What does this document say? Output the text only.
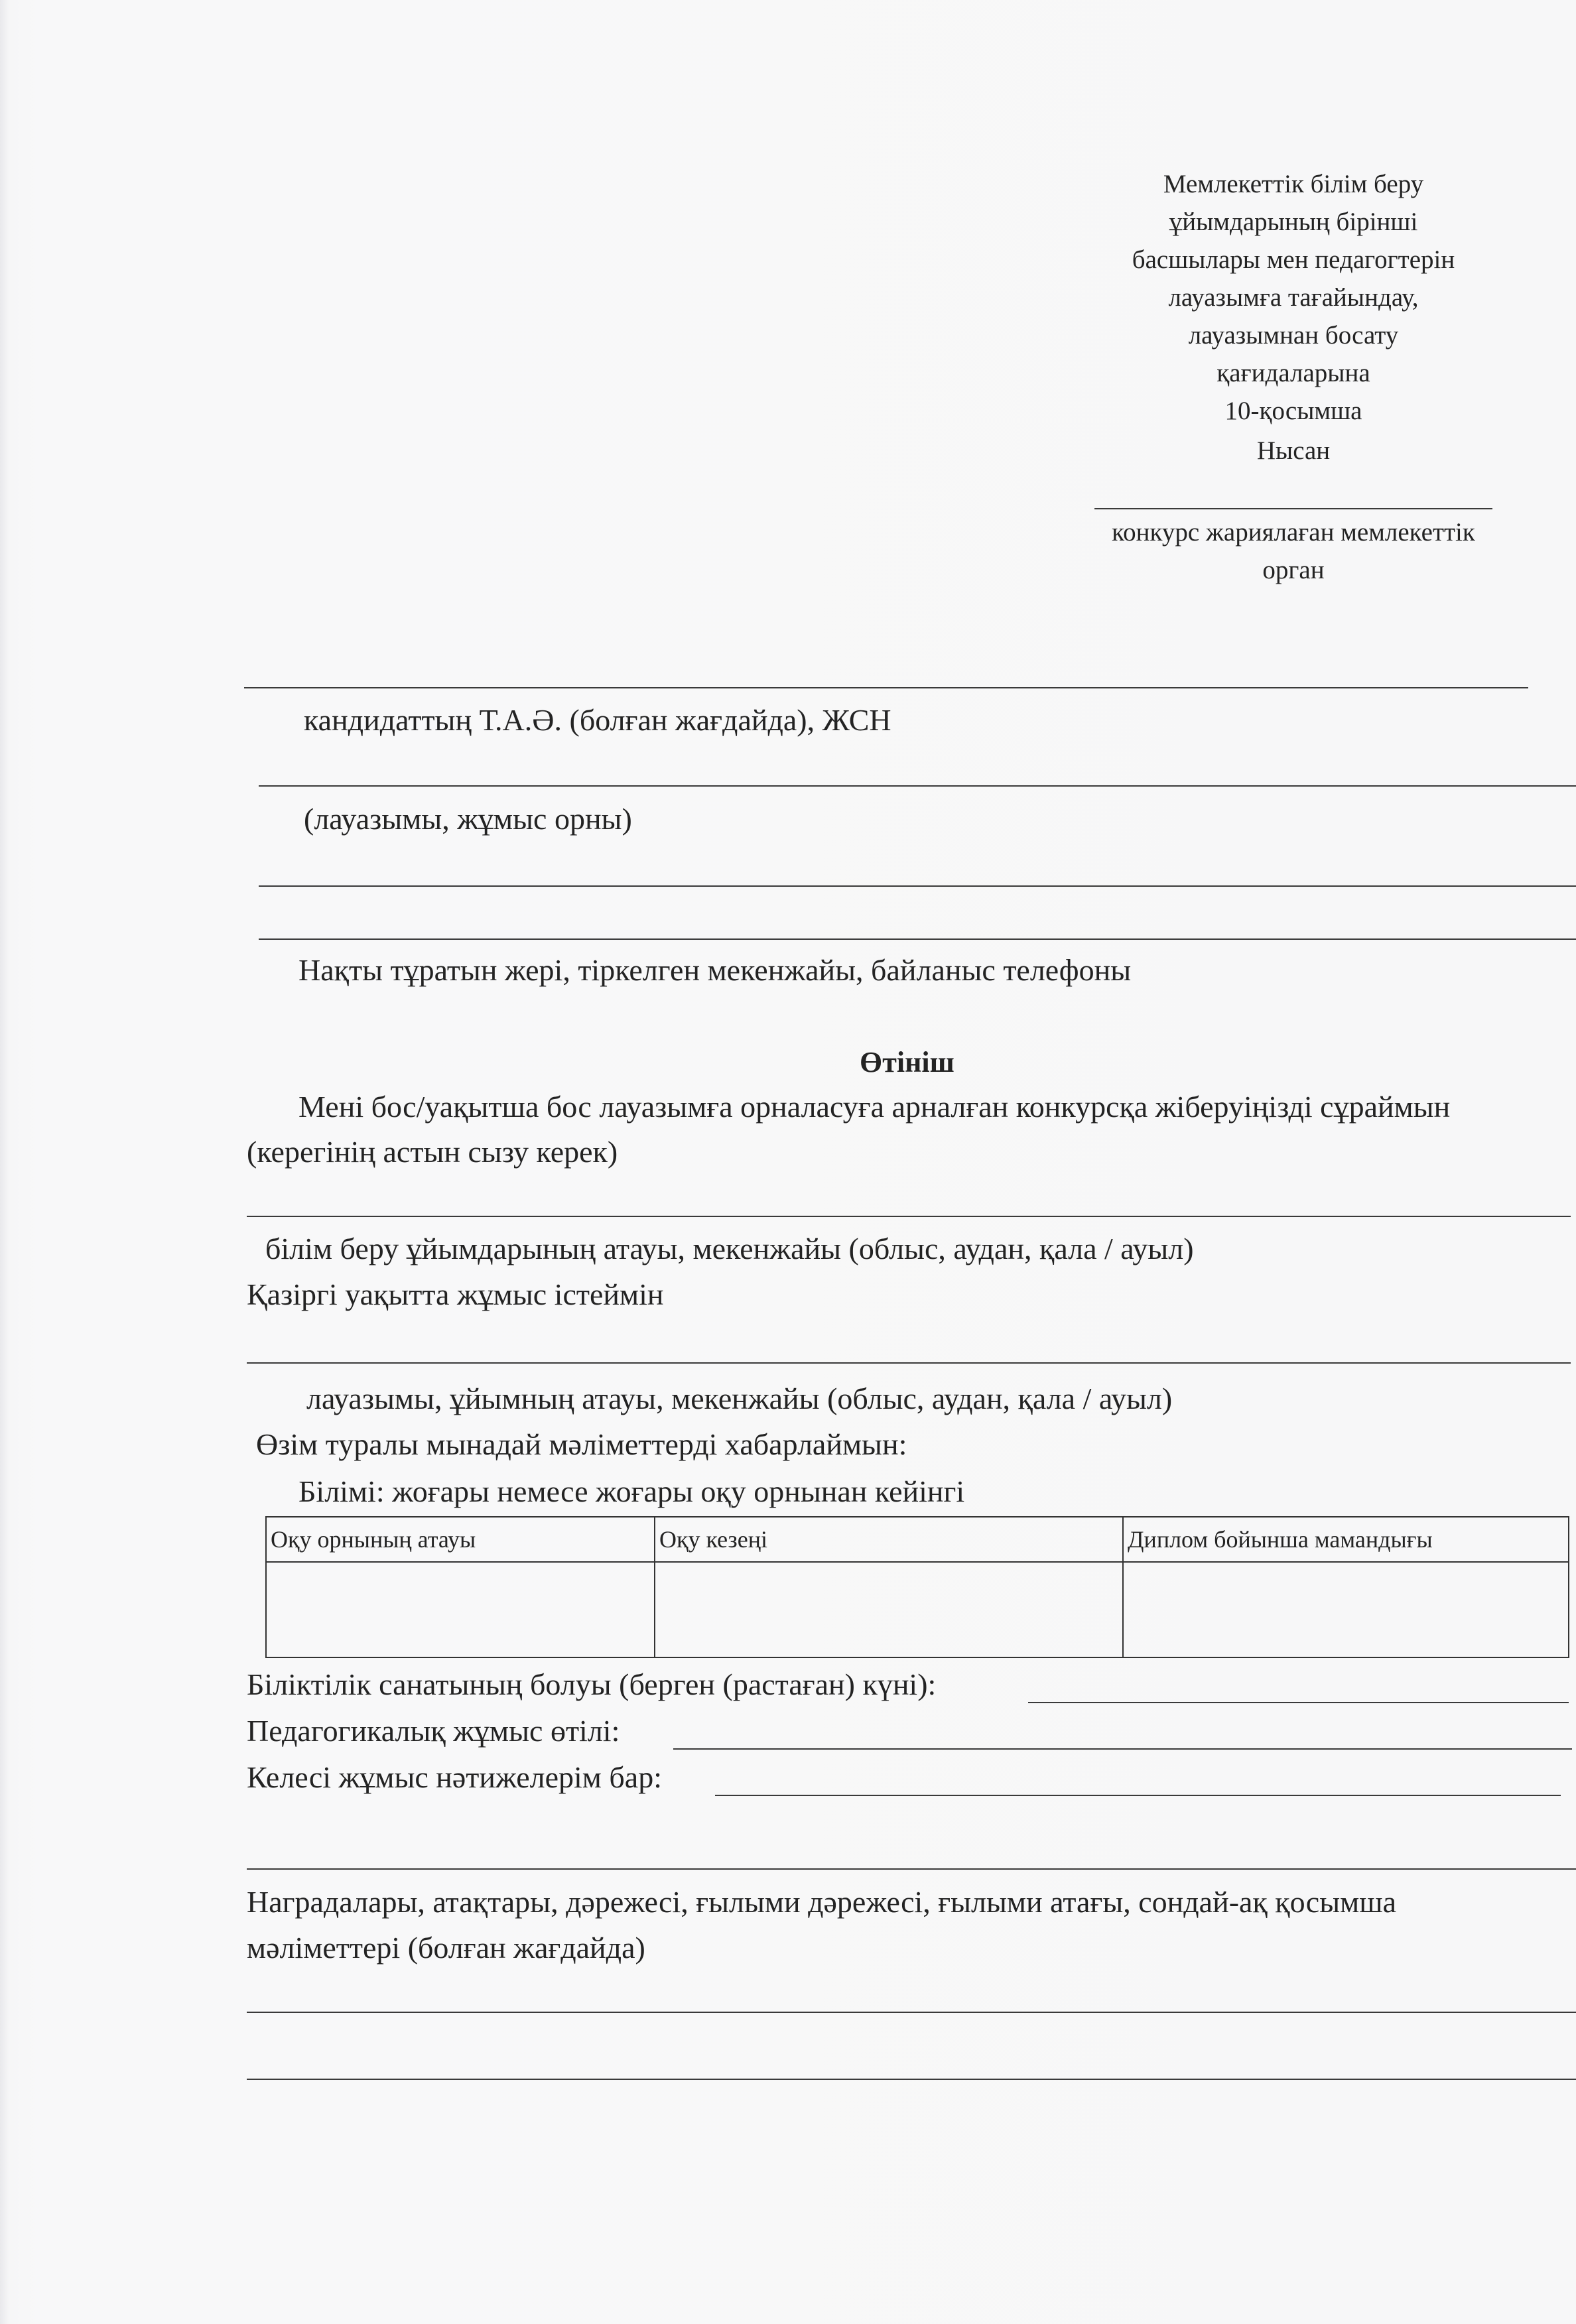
Мемлекеттік білім беру
ұйымдарының бірінші
басшылары мен педагогтерін
лауазымға тағайындау,
лауазымнан босату
қағидаларына
10-қосымша
Нысан
конкурс жариялаған мемлекеттік
орган
кандидаттың Т.А.Ә. (болған жағдайда), ЖСН
(лауазымы, жұмыс орны)
Нақты тұратын жері, тіркелген мекенжайы, байланыс телефоны
Өтініш
Мені бос/уақытша бос лауазымға орналасуға арналған конкурсқа жіберуіңізді сұраймын
(керегінің астын сызу керек)
білім беру ұйымдарының атауы, мекенжайы (облыс, аудан, қала / ауыл)
Қазіргі уақытта жұмыс істеймін
лауазымы, ұйымның атауы, мекенжайы (облыс, аудан, қала / ауыл)
Өзім туралы мынадай мәліметтерді хабарлаймын:
Білімі: жоғары немесе жоғары оқу орнынан кейінгі
Оқу орнының атауы	Оқу кезеңі	Диплом бойынша мамандығы

Біліктілік санатының болуы (берген (растаған) күні):
Педагогикалық жұмыс өтілі:
Келесі жұмыс нәтижелерім бар:
Наградалары, атақтары, дәрежесі, ғылыми дәрежесі, ғылыми атағы, сондай-ақ қосымша
мәліметтері (болған жағдайда)
